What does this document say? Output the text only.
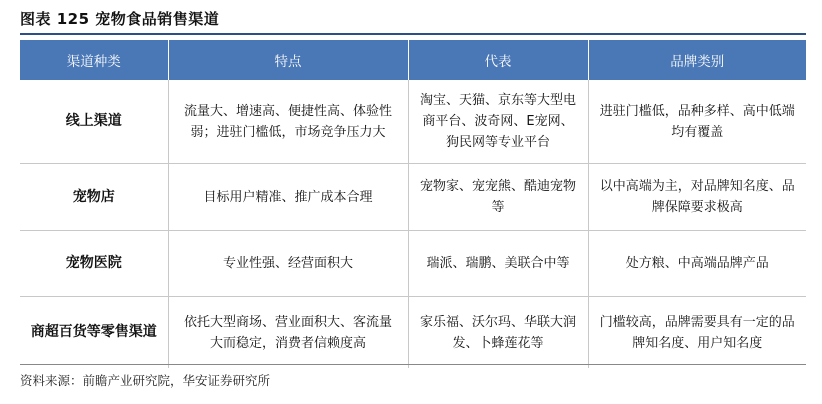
图表 125 宠物食品销售渠道
渠道种类	特点	代表	品牌类别
线上渠道	流量大、增速高、便捷性高、体验性弱；进驻门槛低，市场竞争压力大	淘宝、天猫、京东等大型电商平台、波奇网、E宠网、狗民网等专业平台	进驻门槛低，品种多样、高中低端均有覆盖
宠物店	目标用户精准、推广成本合理	宠物家、宠宠熊、酷迪宠物等	以中高端为主，对品牌知名度、品牌保障要求极高
宠物医院	专业性强、经营面积大	瑞派、瑞鹏、美联合中等	处方粮、中高端品牌产品
商超百货等零售渠道	依托大型商场、营业面积大、客流量大而稳定，消费者信赖度高	家乐福、沃尔玛、华联大润发、卜蜂莲花等	门槛较高，品牌需要具有一定的品牌知名度、用户知名度
资料来源：前瞻产业研究院，华安证券研究所
